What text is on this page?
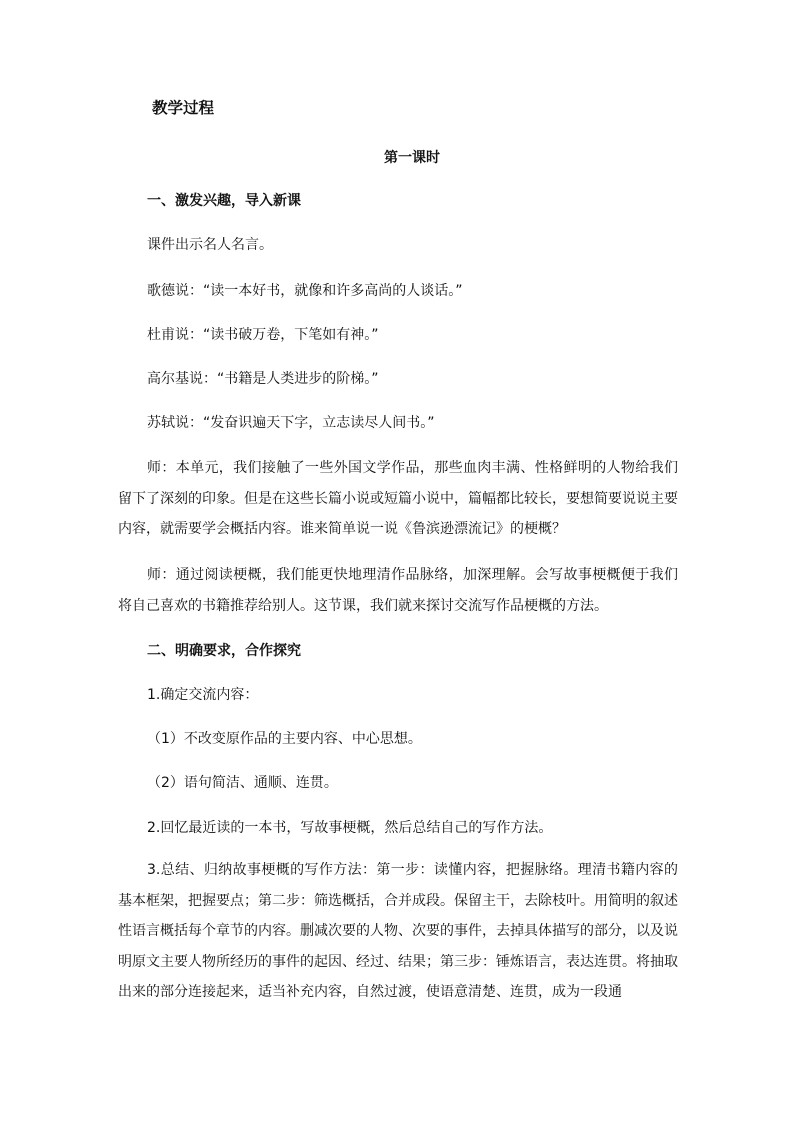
教学过程
第一课时
一、激发兴趣，导入新课
课件出示名人名言。
歌德说：“读一本好书，就像和许多高尚的人谈话。”
杜甫说：“读书破万卷，下笔如有神。”
高尔基说：“书籍是人类进步的阶梯。”
苏轼说：“发奋识遍天下字，立志读尽人间书。”
师：本单元，我们接触了一些外国文学作品，那些血肉丰满、性格鲜明的人物给我们留下了深刻的印象。但是在这些长篇小说或短篇小说中，篇幅都比较长，要想简要说说主要内容，就需要学会概括内容。谁来简单说一说《鲁滨逊漂流记》的梗概？
师：通过阅读梗概，我们能更快地理清作品脉络，加深理解。会写故事梗概便于我们将自己喜欢的书籍推荐给别人。这节课，我们就来探讨交流写作品梗概的方法。
二、明确要求，合作探究
1.确定交流内容：
（1）不改变原作品的主要内容、中心思想。
（2）语句简洁、通顺、连贯。
2.回忆最近读的一本书，写故事梗概，然后总结自己的写作方法。
3.总结、归纳故事梗概的写作方法：第一步：读懂内容，把握脉络。理清书籍内容的基本框架，把握要点；第二步：筛选概括，合并成段。保留主干，去除枝叶。用简明的叙述性语言概括每个章节的内容。删减次要的人物、次要的事件，去掉具体描写的部分，以及说明原文主要人物所经历的事件的起因、经过、结果；第三步：锤炼语言，表达连贯。将抽取出来的部分连接起来，适当补充内容，自然过渡，使语意清楚、连贯，成为一段通
